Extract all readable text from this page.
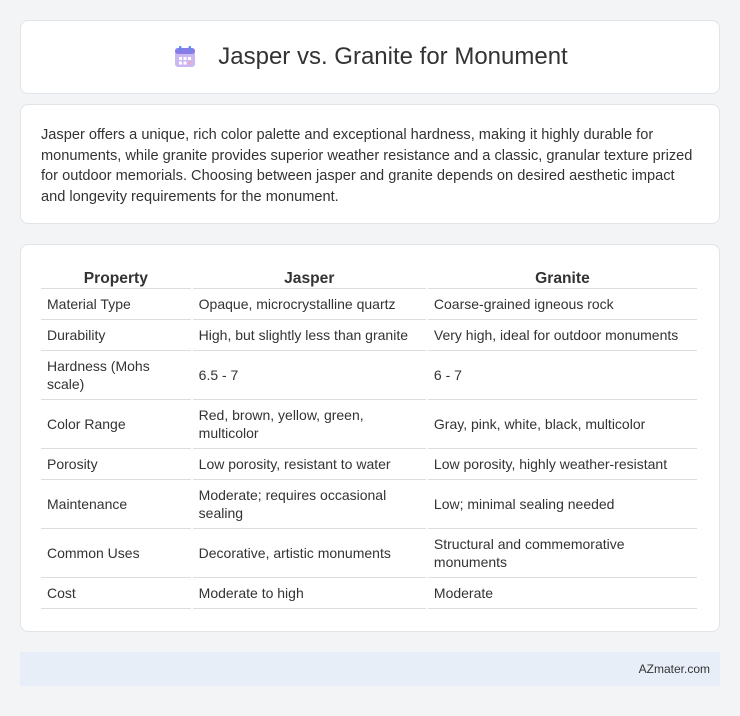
Jasper vs. Granite for Monument

Jasper offers a unique, rich color palette and exceptional hardness, making it highly durable for monuments, while granite provides superior weather resistance and a classic, granular texture prized for outdoor memorials. Choosing between jasper and granite depends on desired aesthetic impact and longevity requirements for the monument.

Property	Jasper	Granite
Material Type	Opaque, microcrystalline quartz	Coarse-grained igneous rock
Durability	High, but slightly less than granite	Very high, ideal for outdoor monuments
Hardness (Mohs scale)	6.5 - 7	6 - 7
Color Range	Red, brown, yellow, green, multicolor	Gray, pink, white, black, multicolor
Porosity	Low porosity, resistant to water	Low porosity, highly weather-resistant
Maintenance	Moderate; requires occasional sealing	Low; minimal sealing needed
Common Uses	Decorative, artistic monuments	Structural and commemorative monuments
Cost	Moderate to high	Moderate
AZmater.com
